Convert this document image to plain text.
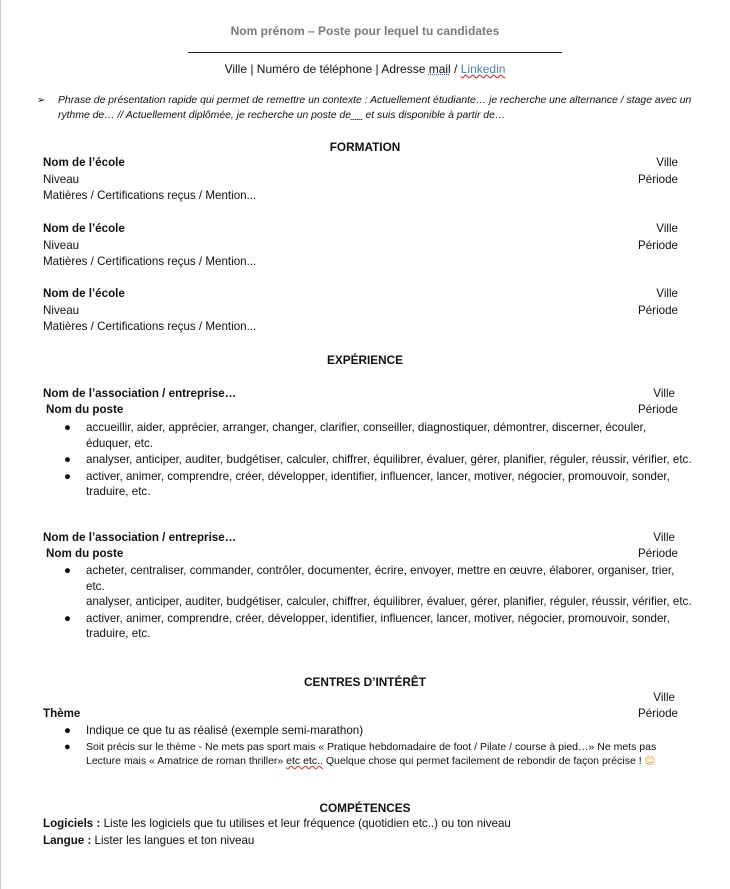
Nom prénom – Poste pour lequel tu candidates
Ville | Numéro de téléphone | Adresse mail / Linkedin
➢ Phrase de présentation rapide qui permet de remettre un contexte : Actuellement étudiante… je recherche une alternance / stage avec un rythme de… // Actuellement diplômée, je recherche un poste de__ et suis disponible à partir de…
FORMATION
Nom de l’école	Ville
Niveau	Période
Matières / Certifications reçus / Mention...
Nom de l’école	Ville
Niveau	Période
Matières / Certifications reçus / Mention...
Nom de l’école	Ville
Niveau	Période
Matières / Certifications reçus / Mention...
EXPÉRIENCE
Nom de l’association / entreprise…	Ville
Nom du poste	Période
● accueillir, aider, apprécier, arranger, changer, clarifier, conseiller, diagnostiquer, démontrer, discerner, écouler, éduquer, etc.
● analyser, anticiper, auditer, budgétiser, calculer, chiffrer, équilibrer, évaluer, gérer, planifier, réguler, réussir, vérifier, etc.
● activer, animer, comprendre, créer, développer, identifier, influencer, lancer, motiver, négocier, promouvoir, sonder, traduire, etc.
Nom de l’association / entreprise…	Ville
Nom du poste	Période
● acheter, centraliser, commander, contrôler, documenter, écrire, envoyer, mettre en œuvre, élaborer, organiser, trier, etc.
analyser, anticiper, auditer, budgétiser, calculer, chiffrer, équilibrer, évaluer, gérer, planifier, réguler, réussir, vérifier, etc.
● activer, animer, comprendre, créer, développer, identifier, influencer, lancer, motiver, négocier, promouvoir, sonder, traduire, etc.
CENTRES D’INTÉRÊT
Ville
Thème	Période
● Indique ce que tu as réalisé (exemple semi-marathon)
● Soit précis sur le thème - Ne mets pas sport mais « Pratique hebdomadaire de foot / Pilate / course à pied…» Ne mets pas Lecture mais « Amatrice de roman thriller» etc etc.. Quelque chose qui permet facilement de rebondir de façon précise ! 😊
COMPÉTENCES
Logiciels : Liste les logiciels que tu utilises et leur fréquence (quotidien etc..) ou ton niveau
Langue : Lister les langues et ton niveau
